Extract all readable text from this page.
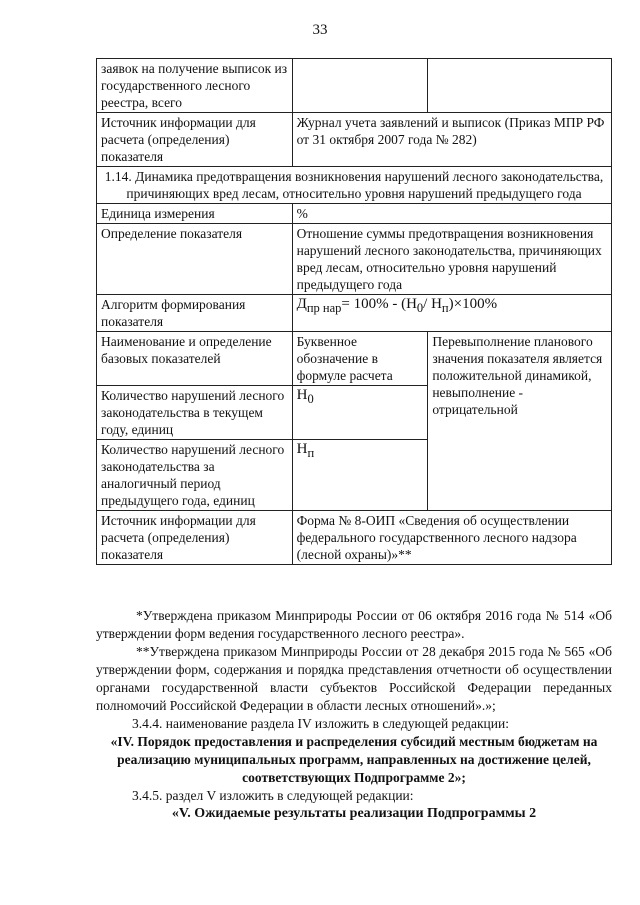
33
заявок на получение выписок из государственного лесного реестра, всего		
Источник информации для расчета (определения) показателя	Журнал учета заявлений и выписок (Приказ МПР РФ от 31 октября 2007 года № 282)	
1.14. Динамика предотвращения возникновения нарушений лесного законодательства, причиняющих вред лесам, относительно уровня нарушений предыдущего года		
Единица измерения	%	
Определение показателя	Отношение суммы предотвращения возникновения нарушений лесного законодательства, причиняющих вред лесам, относительно уровня нарушений предыдущего года	
Алгоритм формирования показателя	$Д_{пр нар}= 100\% - (Н_0/$ $Н_п)\times 100\%$	
Наименование и определение базовых показателей	Буквенное обозначение в формуле расчета	Перевыполнение планового значения показателя является положительной динамикой, невыполнение - отрицательной
Количество нарушений лесного законодательства в текущем году, единиц	$Н_0$
Количество нарушений лесного законодательства за аналогичный период предыдущего года, единиц	$Н_п$
Источник информации для расчета (определения) показателя	Форма № 8-ОИП «Сведения об осуществлении федерального государственного лесного надзора (лесной охраны)»**	

*Утверждена приказом Минприроды России от 06 октября 2016 года № 514 «Об утверждении форм ведения государственного лесного реестра».

**Утверждена приказом Минприроды России от 28 декабря 2015 года № 565 «Об утверждении форм, содержания и порядка представления отчетности об осуществлении органами государственной власти субъектов Российской Федерации переданных полномочий Российской Федерации в области лесных отношений».»;

3.4.4. наименование раздела IV изложить в следующей редакции:

«IV. Порядок предоставления и распределения субсидий местным бюджетам на реализацию муниципальных программ, направленных на достижение целей, соответствующих Подпрограмме 2»;

3.4.5. раздел V изложить в следующей редакции:

«V. Ожидаемые результаты реализации Подпрограммы 2
